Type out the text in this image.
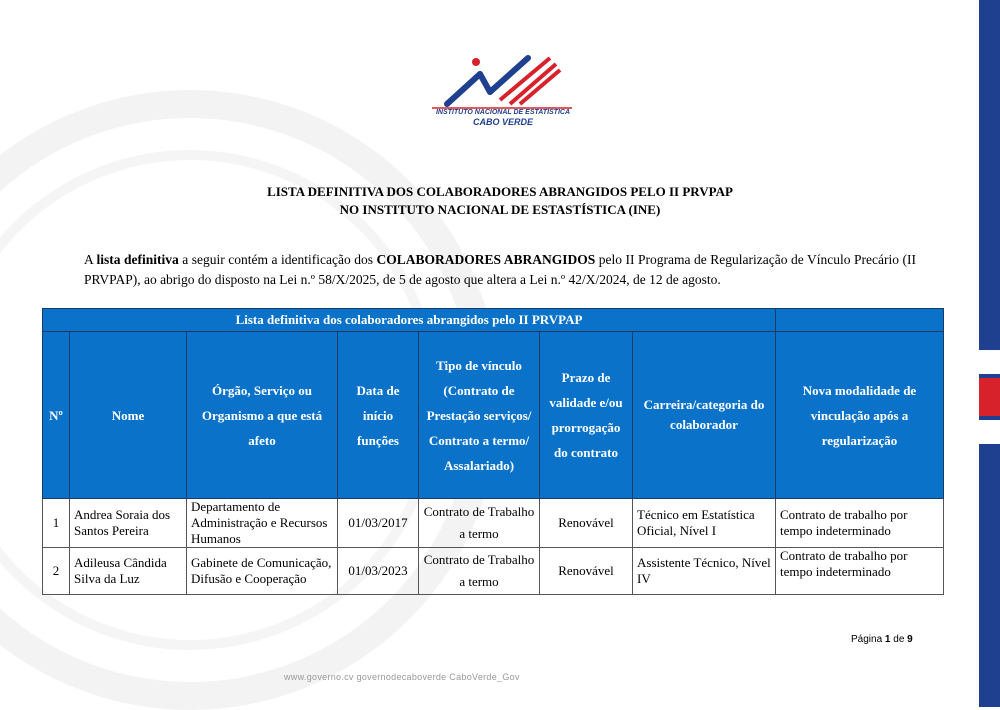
INSTITUTO NACIONAL DE ESTATÍSTICA
CABO VERDE
LISTA DEFINITIVA DOS COLABORADORES ABRANGIDOS PELO II PRVPAP
NO INSTITUTO NACIONAL DE ESTASTÍSTICA (INE)
A lista definitiva a seguir contém a identificação dos COLABORADORES ABRANGIDOS pelo II Programa de Regularização de Vínculo Precário (II PRVPAP), ao abrigo do disposto na Lei n.º 58/X/2025, de 5 de agosto que altera a Lei n.º 42/X/2024, de 12 de agosto.
Lista definitiva dos colaboradores abrangidos pelo II PRVPAP							
Nº	Nome	Órgão, Serviço ou Organismo a que está afeto	Data de início funções	Tipo de vínculo (Contrato de Prestação serviços/ Contrato a termo/ Assalariado)	Prazo de validade e/ou prorrogação do contrato	Carreira/categoria do colaborador	Nova modalidade de vinculação após a regularização
1	Andrea Soraia dos Santos Pereira	Departamento de Administração e Recursos Humanos	01/03/2017	Contrato de Trabalho a termo	Renovável	Técnico em Estatística Oficial, Nível I	Contrato de trabalho por tempo indeterminado
2	Adileusa Cândida Silva da Luz	Gabinete de Comunicação, Difusão e Cooperação	01/03/2023	Contrato de Trabalho a termo	Renovável	Assistente Técnico, Nível IV	Contrato de trabalho por tempo indeterminado
Página 1 de 9
www.governo.cv governodecaboverde CaboVerde_Gov
